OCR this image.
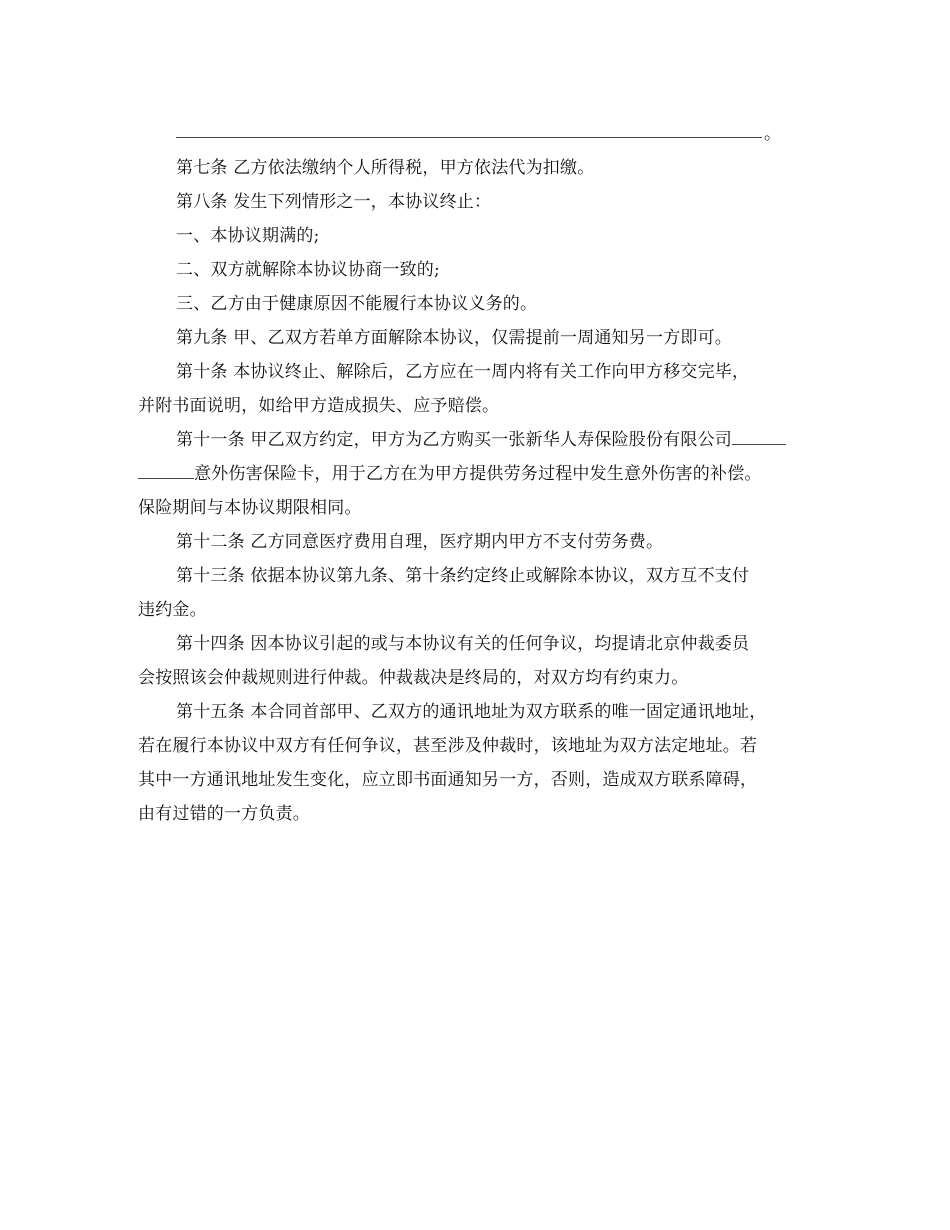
。
第七条 乙方依法缴纳个人所得税，甲方依法代为扣缴。
第八条 发生下列情形之一，本协议终止：
一、本协议期满的;
二、双方就解除本协议协商一致的;
三、乙方由于健康原因不能履行本协议义务的。
第九条 甲、乙双方若单方面解除本协议，仅需提前一周通知另一方即可。
第十条 本协议终止、解除后，乙方应在一周内将有关工作向甲方移交完毕，
并附书面说明，如给甲方造成损失、应予赔偿。
第十一条 甲乙双方约定，甲方为乙方购买一张新华人寿保险股份有限公司
意外伤害保险卡，用于乙方在为甲方提供劳务过程中发生意外伤害的补偿。
保险期间与本协议期限相同。
第十二条 乙方同意医疗费用自理，医疗期内甲方不支付劳务费。
第十三条 依据本协议第九条、第十条约定终止或解除本协议，双方互不支付
违约金。
第十四条 因本协议引起的或与本协议有关的任何争议，均提请北京仲裁委员
会按照该会仲裁规则进行仲裁。仲裁裁决是终局的，对双方均有约束力。
第十五条 本合同首部甲、乙双方的通讯地址为双方联系的唯一固定通讯地址，
若在履行本协议中双方有任何争议，甚至涉及仲裁时，该地址为双方法定地址。若
其中一方通讯地址发生变化，应立即书面通知另一方，否则，造成双方联系障碍，
由有过错的一方负责。
